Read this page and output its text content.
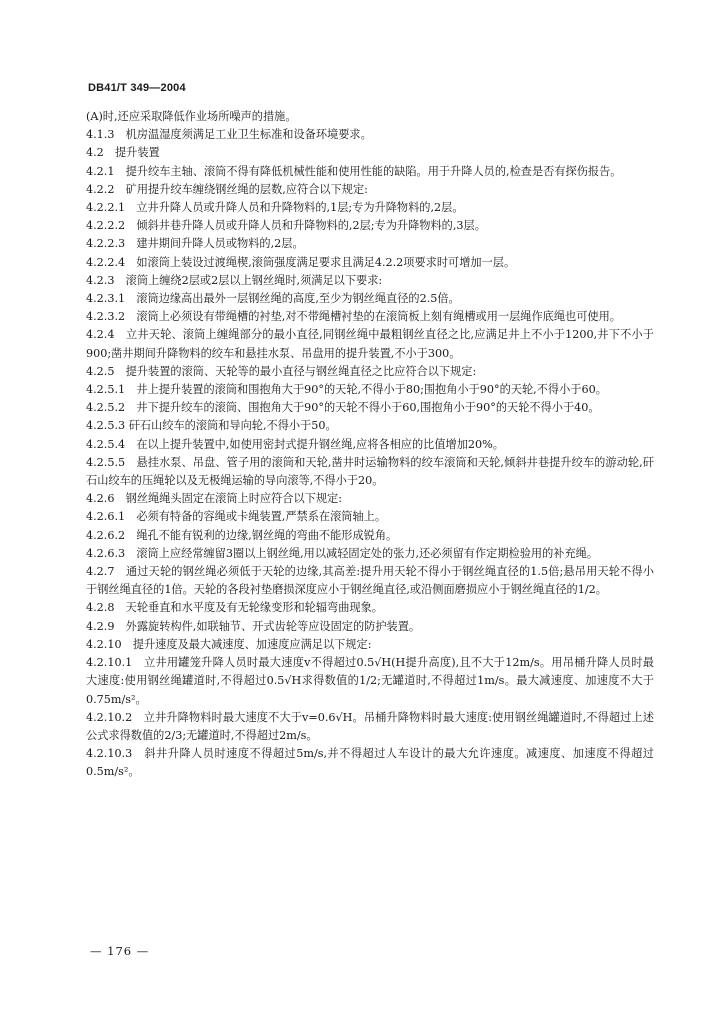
DB41/T 349—2004

(A)时,还应采取降低作业场所噪声的措施。

4.1.3　机房温湿度须满足工业卫生标准和设备环境要求。

4.2　提升装置

4.2.1　提升绞车主轴、滚筒不得有降低机械性能和使用性能的缺陷。用于升降人员的,检查是否有探伤报告。

4.2.2　矿用提升绞车缠绕钢丝绳的层数,应符合以下规定:

4.2.2.1　立井升降人员或升降人员和升降物料的,1层;专为升降物料的,2层。

4.2.2.2　倾斜井巷升降人员或升降人员和升降物料的,2层;专为升降物料的,3层。

4.2.2.3　建井期间升降人员或物料的,2层。

4.2.2.4　如滚筒上装设过渡绳楔,滚筒强度满足要求且满足4.2.2项要求时可增加一层。

4.2.3　滚筒上缠绕2层或2层以上钢丝绳时,须满足以下要求:

4.2.3.1　滚筒边缘高出最外一层钢丝绳的高度,至少为钢丝绳直径的2.5倍。

4.2.3.2　滚筒上必须设有带绳槽的衬垫,对不带绳槽衬垫的在滚筒板上刻有绳槽或用一层绳作底绳也可使用。

4.2.4　立井天轮、滚筒上缠绳部分的最小直径,同钢丝绳中最粗钢丝直径之比,应满足井上不小于1200,井下不小于900;凿井期间升降物料的绞车和悬挂水泵、吊盘用的提升装置,不小于300。

4.2.5　提升装置的滚筒、天轮等的最小直径与钢丝绳直径之比应符合以下规定:

4.2.5.1　井上提升装置的滚筒和围抱角大于90°的天轮,不得小于80;围抱角小于90°的天轮,不得小于60。

4.2.5.2　井下提升绞车的滚筒、围抱角大于90°的天轮不得小于60,围抱角小于90°的天轮不得小于40。

4.2.5.3 矸石山绞车的滚筒和导向轮,不得小于50。

4.2.5.4　在以上提升装置中,如使用密封式提升钢丝绳,应将各相应的比值增加20%。

4.2.5.5　悬挂水泵、吊盘、管子用的滚筒和天轮,凿井时运输物料的绞车滚筒和天轮,倾斜井巷提升绞车的游动轮,矸石山绞车的压绳轮以及无极绳运输的导向滚等,不得小于20。

4.2.6　钢丝绳绳头固定在滚筒上时应符合以下规定:

4.2.6.1　必须有特备的容绳或卡绳装置,严禁系在滚筒轴上。

4.2.6.2　绳孔不能有锐利的边缘,钢丝绳的弯曲不能形成锐角。

4.2.6.3　滚筒上应经常缠留3圈以上钢丝绳,用以减轻固定处的张力,还必须留有作定期检验用的补充绳。

4.2.7　通过天轮的钢丝绳必须低于天轮的边缘,其高差:提升用天轮不得小于钢丝绳直径的1.5倍;悬吊用天轮不得小于钢丝绳直径的1倍。天轮的各段衬垫磨损深度应小于钢丝绳直径,或沿侧面磨损应小于钢丝绳直径的1/2。

4.2.8　天轮垂直和水平度及有无轮缘变形和轮辐弯曲现象。

4.2.9　外露旋转构件,如联轴节、开式齿轮等应设固定的防护装置。

4.2.10　提升速度及最大减速度、加速度应满足以下规定:

4.2.10.1　立井用罐笼升降人员时最大速度v不得超过0.5√H(H提升高度),且不大于12m/s。用吊桶升降人员时最大速度:使用钢丝绳罐道时,不得超过0.5√H求得数值的1/2;无罐道时,不得超过1m/s。最大减速度、加速度不大于0.75m/s²。

4.2.10.2　立井升降物料时最大速度不大于v=0.6√H。吊桶升降物料时最大速度:使用钢丝绳罐道时,不得超过上述公式求得数值的2/3;无罐道时,不得超过2m/s。

4.2.10.3　斜井升降人员时速度不得超过5m/s,并不得超过人车设计的最大允许速度。减速度、加速度不得超过0.5m/s²。

— 176 —
